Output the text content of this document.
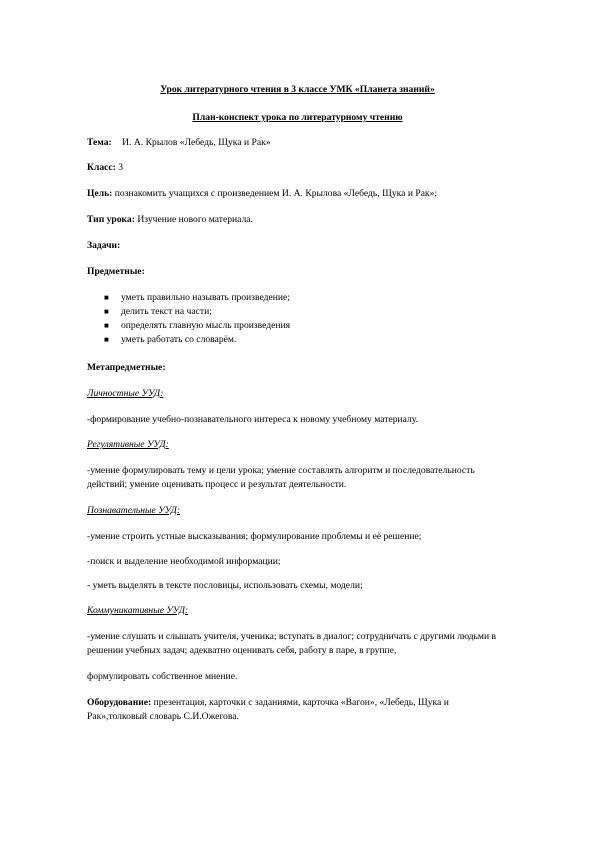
Урок литературного чтения в 3 классе УМК «Планета знаний»
План-конспект урока по литературному чтению
Тема: И. А. Крылов «Лебедь, Щука и Рак»
Класс: 3
Цель: познакомить учащихся с произведением И. А. Крылова «Лебедь, Щука и Рак»;
Тип урока: Изучение нового материала.
Задачи:
Предметные:
■ уметь правильно называть произведение;
■ делить текст на части;
■ определять главную мысль произведения
■ уметь работать со словарём.
Метапредметные:
Личностные УУД:
-формирование учебно-познавательного интереса к новому учебному материалу.
Регулятивные УУД:
-умение формулировать тему и цели урока; умение составлять алгоритм и последовательность
действий; умение оценивать процесс и результат деятельности.
Познавательные УУД:
-умение строить устные высказывания; формулирование проблемы и её решение;
-поиск и выделение необходимой информации;
- уметь выделять в тексте пословицы, использовать схемы, модели;
Коммуникативные УУД:
-умение слушать и слышать учителя, ученика; вступать в диалог; сотрудничать с другими людьми в
решении учебных задач; адекватно оценивать себя, работу в паре, в группе,
формулировать собственное мнение.
Оборудование: презентация, карточки с заданиями, карточка «Вагон», «Лебедь, Щука и
Рак»,толковый словарь С.И.Ожегова.
